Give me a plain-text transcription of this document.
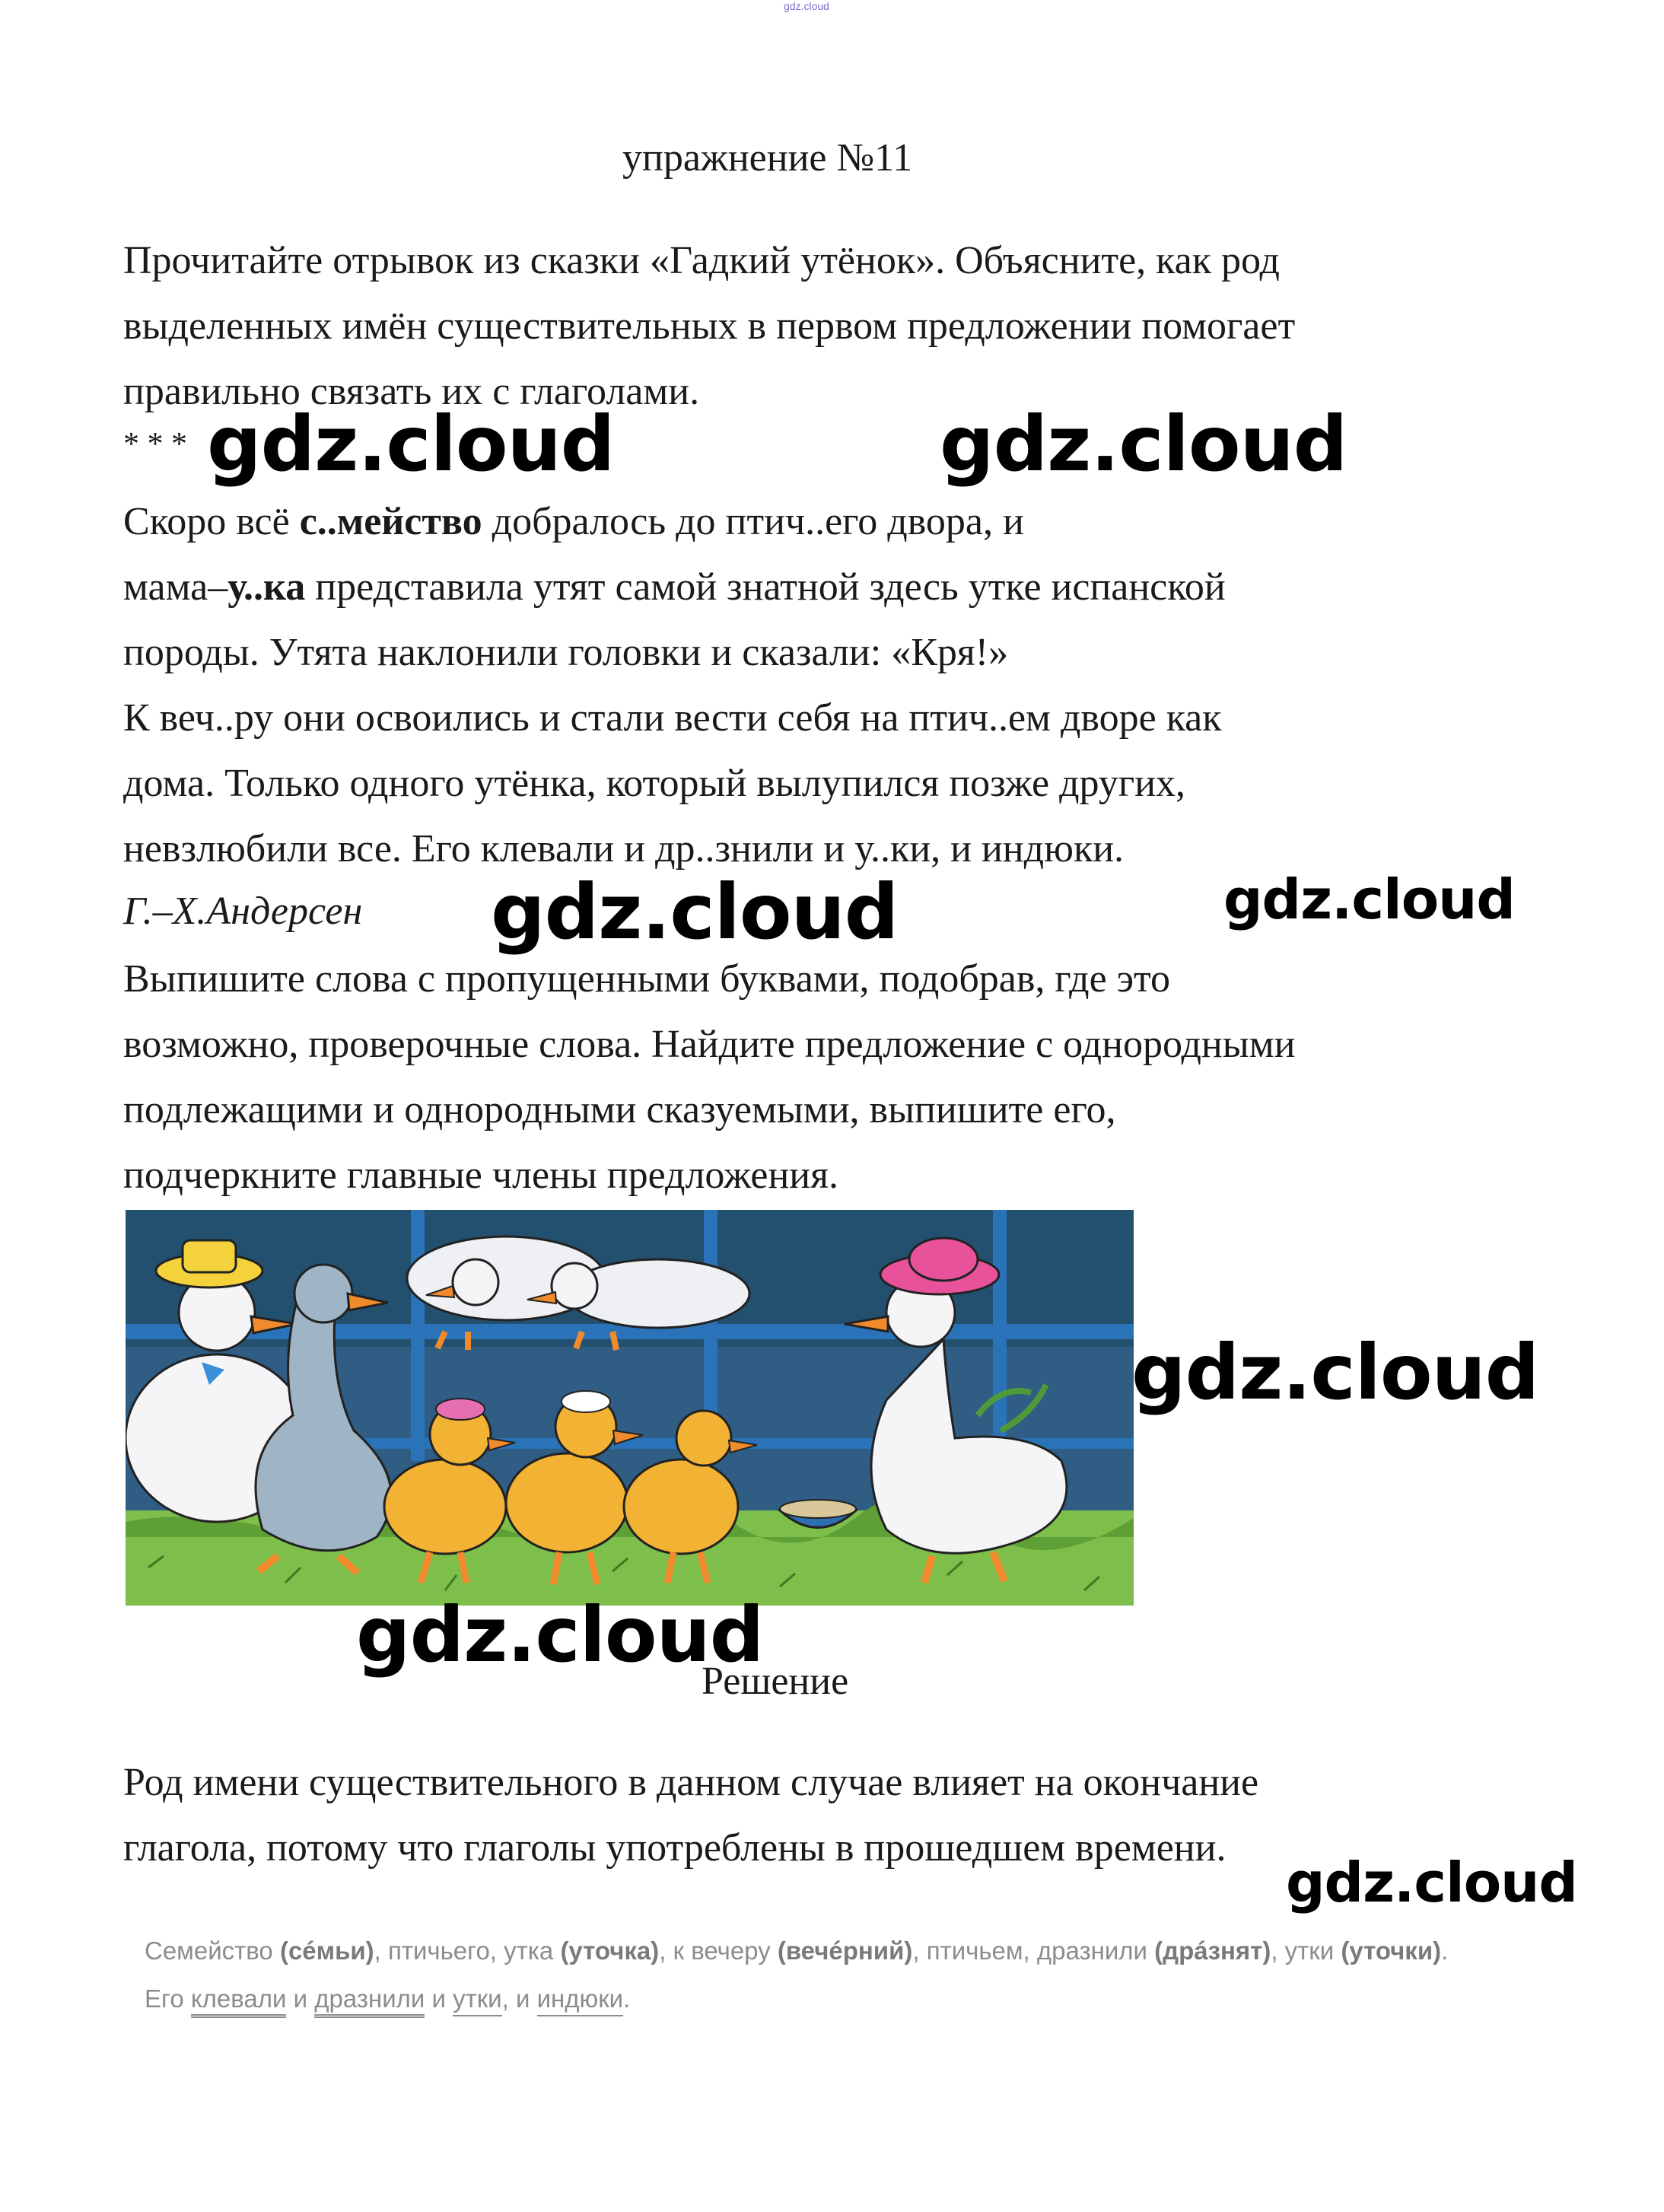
gdz.cloud
упражнение №11

Прочитайте отрывок из сказки «Гадкий утёнок». Объясните, как род

выделенных имён существительных в первом предложении помогает

правильно связать их с глаголами.

* * *

Скоро всё с..мейство добралось до птич..его двора, и

мама–у..ка представила утят самой знатной здесь утке испанской

породы. Утята наклонили головки и сказали: «Кря!»

К веч..ру они освоились и стали вести себя на птич..ем дворе как

дома. Только одного утёнка, который вылупился позже других,

невзлюбили все. Его клевали и др..знили и у..ки, и индюки.

Г.–Х.Андерсен

Выпишите слова с пропущенными буквами, подобрав, где это

возможно, проверочные слова. Найдите предложение с однородными

подлежащими и однородными сказуемыми, выпишите его,

подчеркните главные члены предложения.

gdz.cloud	gdz.cloud
gdz.cloud	gdz.cloud
gdz.cloud
gdz.cloud
gdz.cloud
Решение

Род имени существительного в данном случае влияет на окончание

глагола, потому что глаголы употреблены в прошедшем времени.

Семейство (сéмьи), птичьего, утка (уточка), к вечеру (вечéрний), птичьем, дразнили (дрáзнят), утки (уточки).
Его клевали и дразнили и утки, и индюки.
